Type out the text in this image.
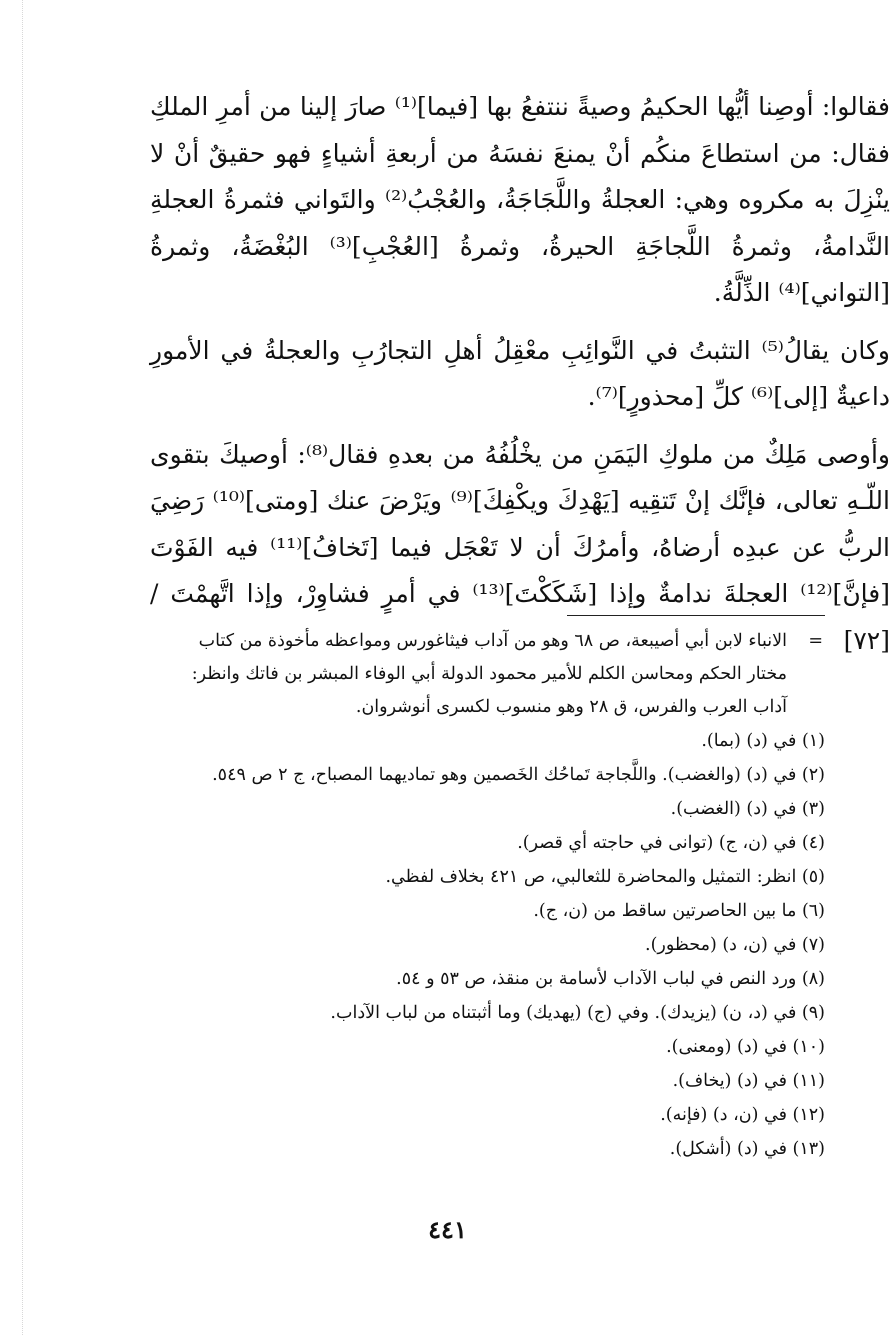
فقالوا: أوصِنا أيُّها الحكيمُ وصيةً ننتفعُ بها [فيما]⁽¹⁾ صارَ إلينا من أمرِ الملكِ فقال: من استطاعَ منكُم أنْ يمنعَ نفسَهُ من أربعةِ أشياءٍ فهو حقيقٌ أنْ لا ينْزِلَ به مكروه وهي: العجلةُ واللَّجَاجَةُ، والعُجْبُ⁽²⁾ والتَواني فثمرةُ العجلةِ النَّدامةُ، وثمرةُ اللَّجاجَةِ الحيرةُ، وثمرةُ [العُجْبِ]⁽³⁾ البُغْضَةُ، وثمرةُ [التواني]⁽⁴⁾ الذِّلَّةُ.

وكان يقالُ⁽⁵⁾ التثبتُ في النَّوائِبِ معْقِلُ أهلِ التجارُبِ والعجلةُ في الأمورِ داعيةٌ [إلى]⁽⁶⁾ كلِّ [محذورٍ]⁽⁷⁾.

وأوصى مَلِكٌ من ملوكِ اليَمَنِ من يخْلُفُهُ من بعدهِ فقال⁽⁸⁾: أوصيكَ بتقوى اللّـهِ تعالى، فإنَّك إنْ تَتقِيه [يَهْدِكَ ويكْفِكَ]⁽⁹⁾ ويَرْضَ عنك [ومتى]⁽¹⁰⁾ رَضِيَ الربُّ عن عبدِه أرضاهُ، وأمرُكَ أن لا تَعْجَل فيما [تَخافُ]⁽¹¹⁾ فيه الفَوْتَ [فإنَّ]⁽¹²⁾ العجلةَ ندامةٌ وإذا [شَكَكْتَ]⁽¹³⁾ في أمرٍ فشاوِرْ، وإذا اتَّهمْتَ / [٧٢]

=
الانباء لابن أبي أصيبعة، ص ٦٨ وهو من آداب فيثاغورس ومواعظه مأخوذة من كتاب مختار الحكم ومحاسن الكلم للأمير محمود الدولة أبي الوفاء المبشر بن فاتك وانظر: آداب العرب والفرس، ق ٢٨ وهو منسوب لكسرى أنوشروان.
(١) في (د) (بما).
(٢) في (د) (والغضب). واللَّجاجة تَماحُك الخَصمين وهو تماديهما المصباح، ج ٢ ص ٥٤٩.
(٣) في (د) (الغضب).
(٤) في (ن، ج) (توانى في حاجته أي قصر).
(٥) انظر: التمثيل والمحاضرة للثعالبي، ص ٤٢١ بخلاف لفظي.
(٦) ما بين الحاصرتين ساقط من (ن، ج).
(٧) في (ن، د) (محظور).
(٨) ورد النص في لباب الآداب لأسامة بن منقذ، ص ٥٣ و ٥٤.
(٩) في (د، ن) (يزيدك). وفي (ج) (يهديك) وما أثبتناه من لباب الآداب.
(١٠) في (د) (ومعنى).
(١١) في (د) (يخاف).
(١٢) في (ن، د) (فإنه).
(١٣) في (د) (أشكل).
٤٤١
